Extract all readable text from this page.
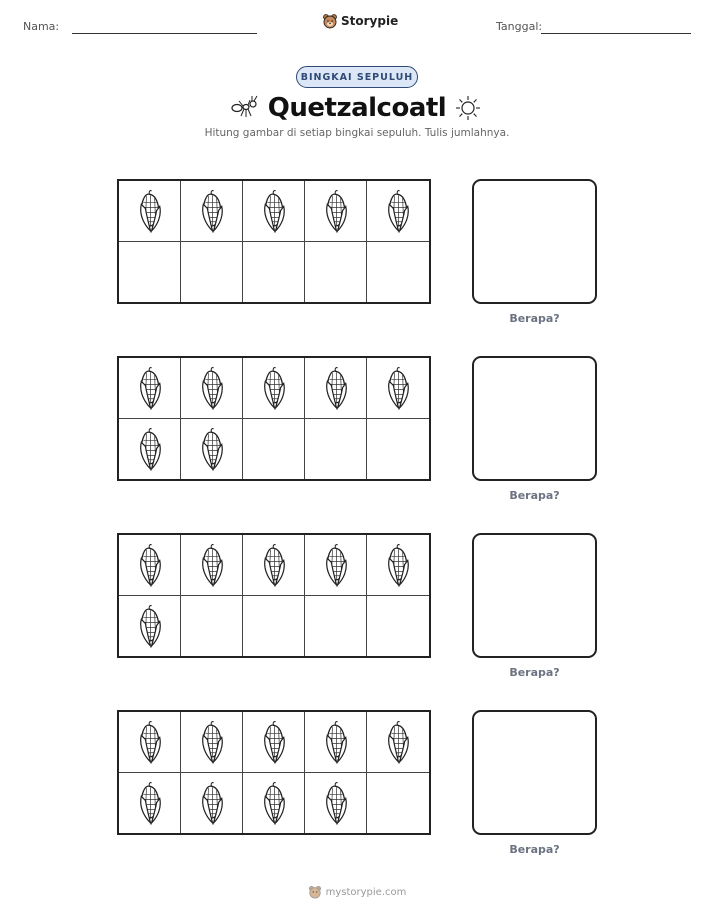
Nama:	Storypie	Tanggal:
BINGKAI SEPULUH
Quetzalcoatl
Hitung gambar di setiap bingkai sepuluh. Tulis jumlahnya.
Berapa?
Berapa?
Berapa?
Berapa?
mystorypie.com
